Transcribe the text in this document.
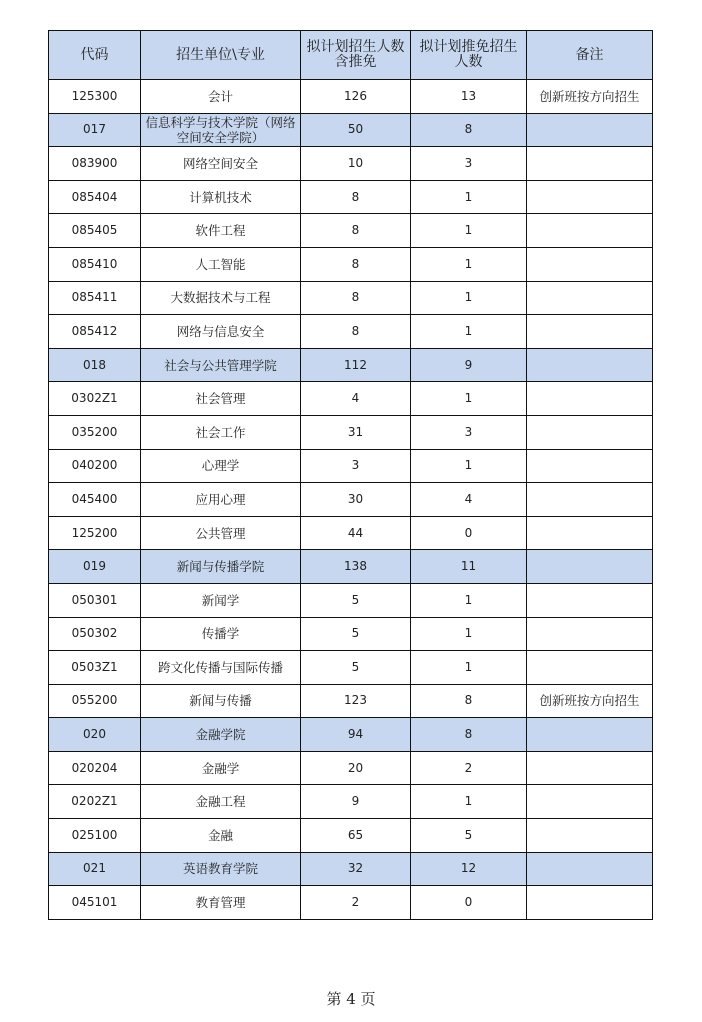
代码	招生单位\专业	拟计划招生人数含推免	拟计划推免招生人数	备注
125300	会计	126	13	创新班按方向招生
017	信息科学与技术学院（网络空间安全学院）	50	8	
083900	网络空间安全	10	3	
085404	计算机技术	8	1	
085405	软件工程	8	1	
085410	人工智能	8	1	
085411	大数据技术与工程	8	1	
085412	网络与信息安全	8	1	
018	社会与公共管理学院	112	9	
0302Z1	社会管理	4	1	
035200	社会工作	31	3	
040200	心理学	3	1	
045400	应用心理	30	4	
125200	公共管理	44	0	
019	新闻与传播学院	138	11	
050301	新闻学	5	1	
050302	传播学	5	1	
0503Z1	跨文化传播与国际传播	5	1	
055200	新闻与传播	123	8	创新班按方向招生
020	金融学院	94	8	
020204	金融学	20	2	
0202Z1	金融工程	9	1	
025100	金融	65	5	
021	英语教育学院	32	12	
045101	教育管理	2	0	
第 4 页
